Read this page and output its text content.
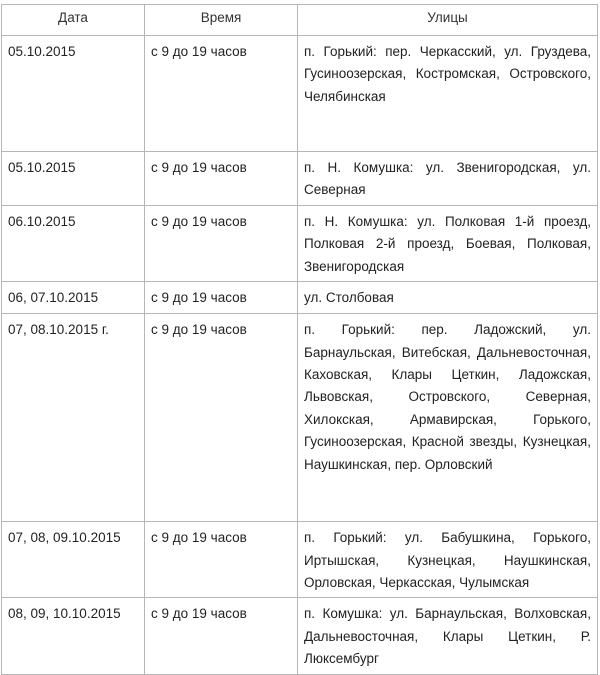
Дата	Время	Улицы
05.10.2015	с 9 до 19 часов	п. Горький: пер. Черкасский, ул. Груздева, Гусиноозерская, Костромская, Островского, Челябинская
05.10.2015	с 9 до 19 часов	п. Н. Комушка: ул. Звенигородская, ул. Северная
06.10.2015	с 9 до 19 часов	п. Н. Комушка: ул. Полковая 1-й проезд, Полковая 2-й проезд, Боевая, Полковая, Звенигородская
06, 07.10.2015	с 9 до 19 часов	ул. Столбовая
07, 08.10.2015 г.	с 9 до 19 часов	п. Горький: пер. Ладожский, ул. Барнаульская, Витебская, Дальневосточная, Каховская, Клары Цеткин, Ладожская, Львовская, Островского, Северная, Хилокская, Армавирская, Горького, Гусиноозерская, Красной звезды, Кузнецкая, Наушкинская, пер. Орловский
07, 08, 09.10.2015	с 9 до 19 часов	п. Горький: ул. Бабушкина, Горького, Иртышская, Кузнецкая, Наушкинская, Орловская, Черкасская, Чулымская
08, 09, 10.10.2015	с 9 до 19 часов	п. Комушка: ул. Барнаульская, Волховская, Дальневосточная, Клары Цеткин, Р. Люксембург
